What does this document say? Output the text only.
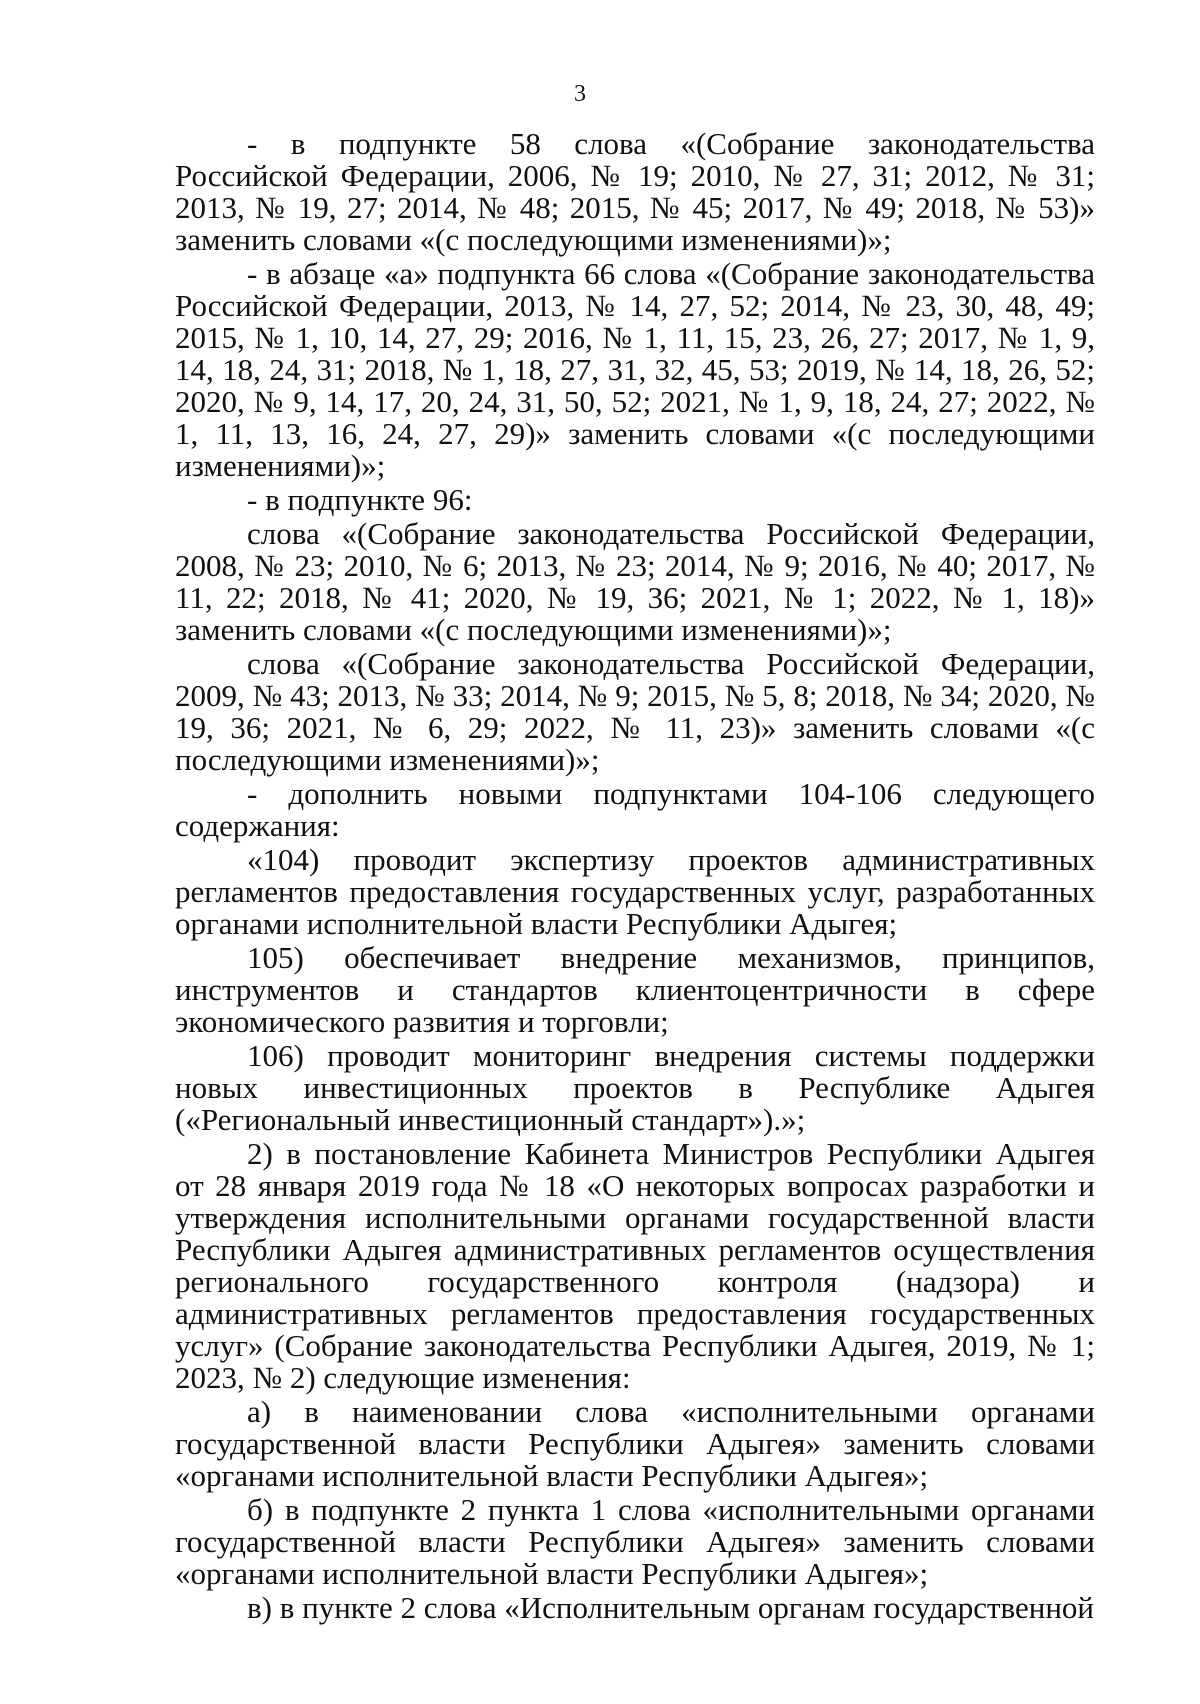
3

- в подпункте 58 слова «(Собрание законодательства Российской Федерации, 2006, № 19; 2010, № 27, 31; 2012, № 31; 2013, № 19, 27; 2014, № 48; 2015, № 45; 2017, № 49; 2018, № 53)» заменить словами «(с последующими изменениями)»;

- в абзаце «а» подпункта 66 слова «(Собрание законодательства Российской Федерации, 2013, № 14, 27, 52; 2014, № 23, 30, 48, 49; 2015, № 1, 10, 14, 27, 29; 2016, № 1, 11, 15, 23, 26, 27; 2017, № 1, 9, 14, 18, 24, 31; 2018, № 1, 18, 27, 31, 32, 45, 53; 2019, № 14, 18, 26, 52; 2020, № 9, 14, 17, 20, 24, 31, 50, 52; 2021, № 1, 9, 18, 24, 27; 2022, № 1, 11, 13, 16, 24, 27, 29)» заменить словами «(с последующими изменениями)»;

- в подпункте 96:

слова «(Собрание законодательства Российской Федерации, 2008, № 23; 2010, № 6; 2013, № 23; 2014, № 9; 2016, № 40; 2017, № 11, 22; 2018, № 41; 2020, № 19, 36; 2021, № 1; 2022, № 1, 18)» заменить словами «(с последующими изменениями)»;

слова «(Собрание законодательства Российской Федерации, 2009, № 43; 2013, № 33; 2014, № 9; 2015, № 5, 8; 2018, № 34; 2020, № 19, 36; 2021, № 6, 29; 2022, № 11, 23)» заменить словами «(с последующими изменениями)»;

- дополнить новыми подпунктами 104-106 следующего содержания:

«104) проводит экспертизу проектов административных регламентов предоставления государственных услуг, разработанных органами исполнительной власти Республики Адыгея;

105) обеспечивает внедрение механизмов, принципов, инструментов и стандартов клиентоцентричности в сфере экономического развития и торговли;

106) проводит мониторинг внедрения системы поддержки новых инвестиционных проектов в Республике Адыгея («Региональный инвестиционный стандарт»).»;

2) в постановление Кабинета Министров Республики Адыгея от 28 января 2019 года № 18 «О некоторых вопросах разработки и утверждения исполнительными органами государственной власти Республики Адыгея административных регламентов осуществления регионального государственного контроля (надзора) и административных регламентов предоставления государственных услуг» (Собрание законодательства Республики Адыгея, 2019, № 1; 2023, № 2) следующие изменения:

а) в наименовании слова «исполнительными органами государственной власти Республики Адыгея» заменить словами «органами исполнительной власти Республики Адыгея»;

б) в подпункте 2 пункта 1 слова «исполнительными органами государственной власти Республики Адыгея» заменить словами «органами исполнительной власти Республики Адыгея»;

в) в пункте 2 слова «Исполнительным органам государственной
